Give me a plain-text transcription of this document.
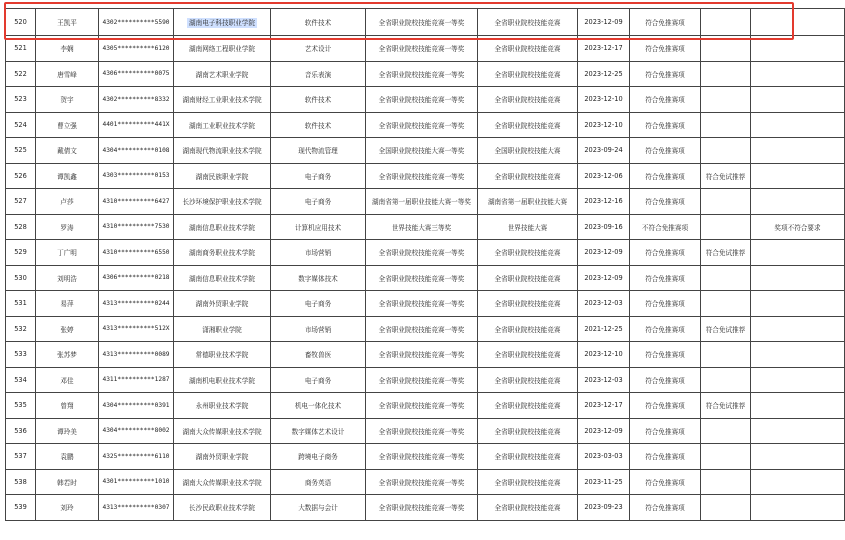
520	王凯平	4302**********5590	湖南电子科技职业学院	软件技术	全省职业院校技能竞赛一等奖	全省职业院校技能竞赛	2023-12-09	符合免推赛项		
521	李娴	4305**********6120	湖南网络工程职业学院	艺术设计	全省职业院校技能竞赛一等奖	全省职业院校技能竞赛	2023-12-17	符合免推赛项		
522	唐雪峰	4306**********0075	湖南艺术职业学院	音乐表演	全省职业院校技能竞赛一等奖	全省职业院校技能竞赛	2023-12-25	符合免推赛项		
523	贺宇	4302**********8332	湖南财经工业职业技术学院	软件技术	全省职业院校技能竞赛一等奖	全省职业院校技能竞赛	2023-12-10	符合免推赛项		
524	曹立强	4401**********441X	湖南工业职业技术学院	软件技术	全省职业院校技能竞赛一等奖	全省职业院校技能竞赛	2023-12-10	符合免推赛项		
525	戴倩文	4304**********0108	湖南现代物流职业技术学院	现代物流管理	全国职业院校技能大赛一等奖	全国职业院校技能大赛	2023-09-24	符合免推赛项		
526	谭凯鑫	4303**********0153	湖南民族职业学院	电子商务	全省职业院校技能竞赛一等奖	全省职业院校技能竞赛	2023-12-06	符合免推赛项	符合免试推荐	
527	卢莎	4310**********6427	长沙环境保护职业技术学院	电子商务	湖南省第一届职业技能大赛一等奖	湖南省第一届职业技能大赛	2023-12-16	符合免推赛项		
528	罗涛	4310**********7530	湖南信息职业技术学院	计算机应用技术	世界技能大赛三等奖	世界技能大赛	2023-09-16	不符合免推赛项		奖项不符合要求
529	丁广明	4310**********6550	湖南商务职业技术学院	市场营销	全省职业院校技能竞赛一等奖	全省职业院校技能竞赛	2023-12-09	符合免推赛项	符合免试推荐	
530	刘明浩	4306**********0218	湖南信息职业技术学院	数字媒体技术	全省职业院校技能竞赛一等奖	全省职业院校技能竞赛	2023-12-09	符合免推赛项		
531	易萍	4313**********0244	湖南外贸职业学院	电子商务	全省职业院校技能竞赛一等奖	全省职业院校技能竞赛	2023-12-03	符合免推赛项		
532	张婷	4313**********512X	潇湘职业学院	市场营销	全省职业院校技能竞赛一等奖	全省职业院校技能竞赛	2021-12-25	符合免推赛项	符合免试推荐	
533	张苏梦	4313**********0089	常德职业技术学院	畜牧兽医	全省职业院校技能竞赛一等奖	全省职业院校技能竞赛	2023-12-10	符合免推赛项		
534	邓佳	4311**********1287	湖南机电职业技术学院	电子商务	全省职业院校技能竞赛一等奖	全省职业院校技能竞赛	2023-12-03	符合免推赛项		
535	曾翔	4304**********0391	永州职业技术学院	机电一体化技术	全省职业院校技能竞赛一等奖	全省职业院校技能竞赛	2023-12-17	符合免推赛项	符合免试推荐	
536	谭玲美	4304**********8002	湖南大众传媒职业技术学院	数字媒体艺术设计	全省职业院校技能竞赛一等奖	全省职业院校技能竞赛	2023-12-09	符合免推赛项		
537	袁鹏	4325**********6110	湖南外贸职业学院	跨境电子商务	全省职业院校技能竞赛一等奖	全省职业院校技能竞赛	2023-03-03	符合免推赛项		
538	韩若时	4301**********1010	湖南大众传媒职业技术学院	商务英语	全省职业院校技能竞赛一等奖	全省职业院校技能竞赛	2023-11-25	符合免推赛项		
539	刘玲	4313**********0307	长沙民政职业技术学院	大数据与会计	全省职业院校技能竞赛一等奖	全省职业院校技能竞赛	2023-09-23	符合免推赛项		
